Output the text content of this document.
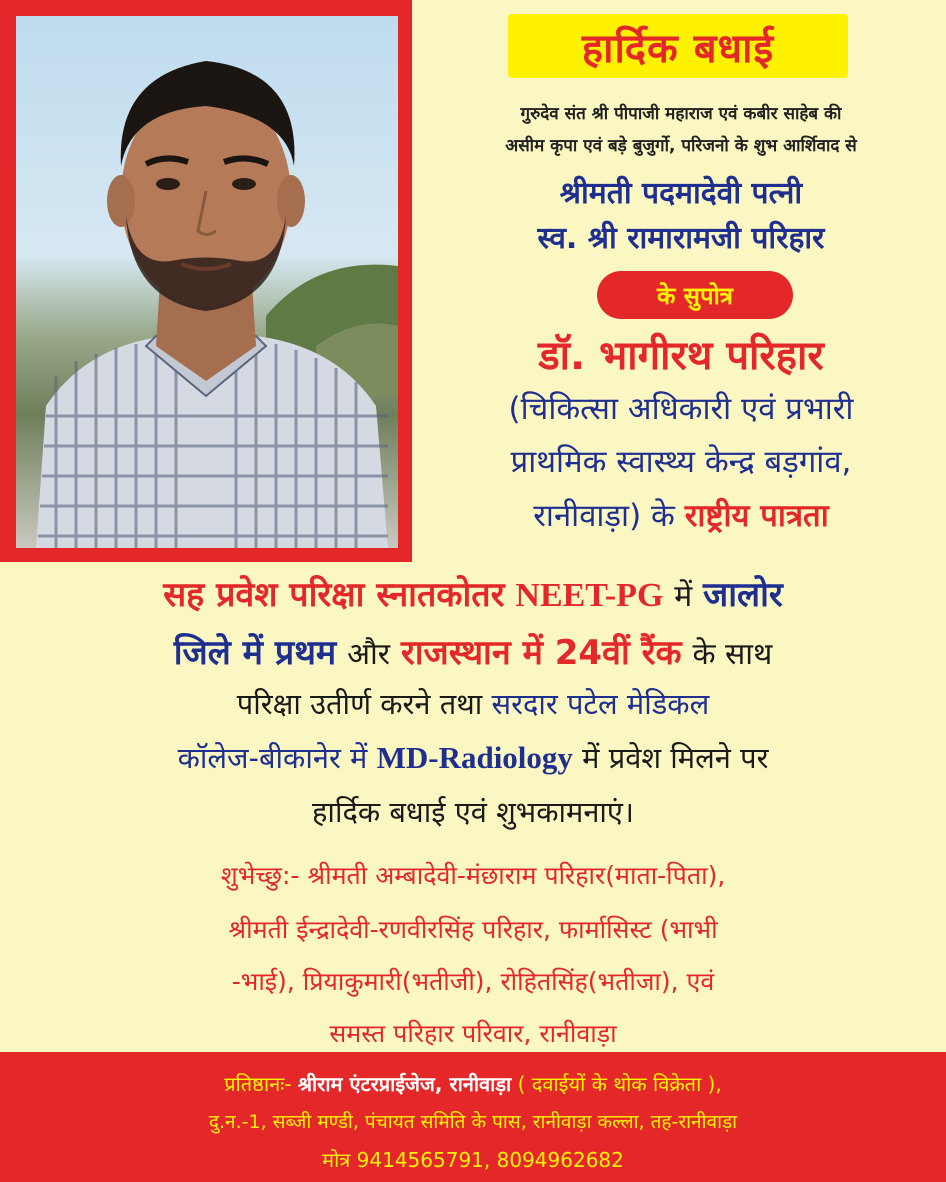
हार्दिक बधाई
गुरुदेव संत श्री पीपाजी महाराज एवं कबीर साहेब की
असीम कृपा एवं बड़े बुजुर्गो, परिजनो के शुभ आर्शिवाद से
श्रीमती पदमादेवी पत्नी
स्व. श्री रामारामजी परिहार
के सुपोत्र
डॉ. भागीरथ परिहार
(चिकित्सा अधिकारी एवं प्रभारी
प्राथमिक स्वास्थ्य केन्द्र बड़गांव,
रानीवाड़ा) के राष्ट्रीय पात्रता
सह प्रवेश परिक्षा स्नातकोतर NEET-PG में जालोर
जिले में प्रथम और राजस्थान में 24वीं रैंक के साथ
परिक्षा उतीर्ण करने तथा सरदार पटेल मेडिकल
कॉलेज-बीकानेर में MD-Radiology में प्रवेश मिलने पर
हार्दिक बधाई एवं शुभकामनाएं।
शुभेच्छु:- श्रीमती अम्बादेवी-मंछाराम परिहार(माता-पिता),
श्रीमती ईन्द्रादेवी-रणवीरसिंह परिहार, फार्मासिस्ट (भाभी
-भाई), प्रियाकुमारी(भतीजी), रोहितसिंह(भतीजा), एवं
समस्त परिहार परिवार, रानीवाड़ा
प्रतिष्ठानः- श्रीराम एंटरप्राईजेज, रानीवाड़ा ( दवाईयों के थोक विक्रेता ),
दु.न.-1, सब्जी मण्डी, पंचायत समिति के पास, रानीवाड़ा कल्ला, तह-रानीवाड़ा
मोत्र 9414565791, 8094962682
